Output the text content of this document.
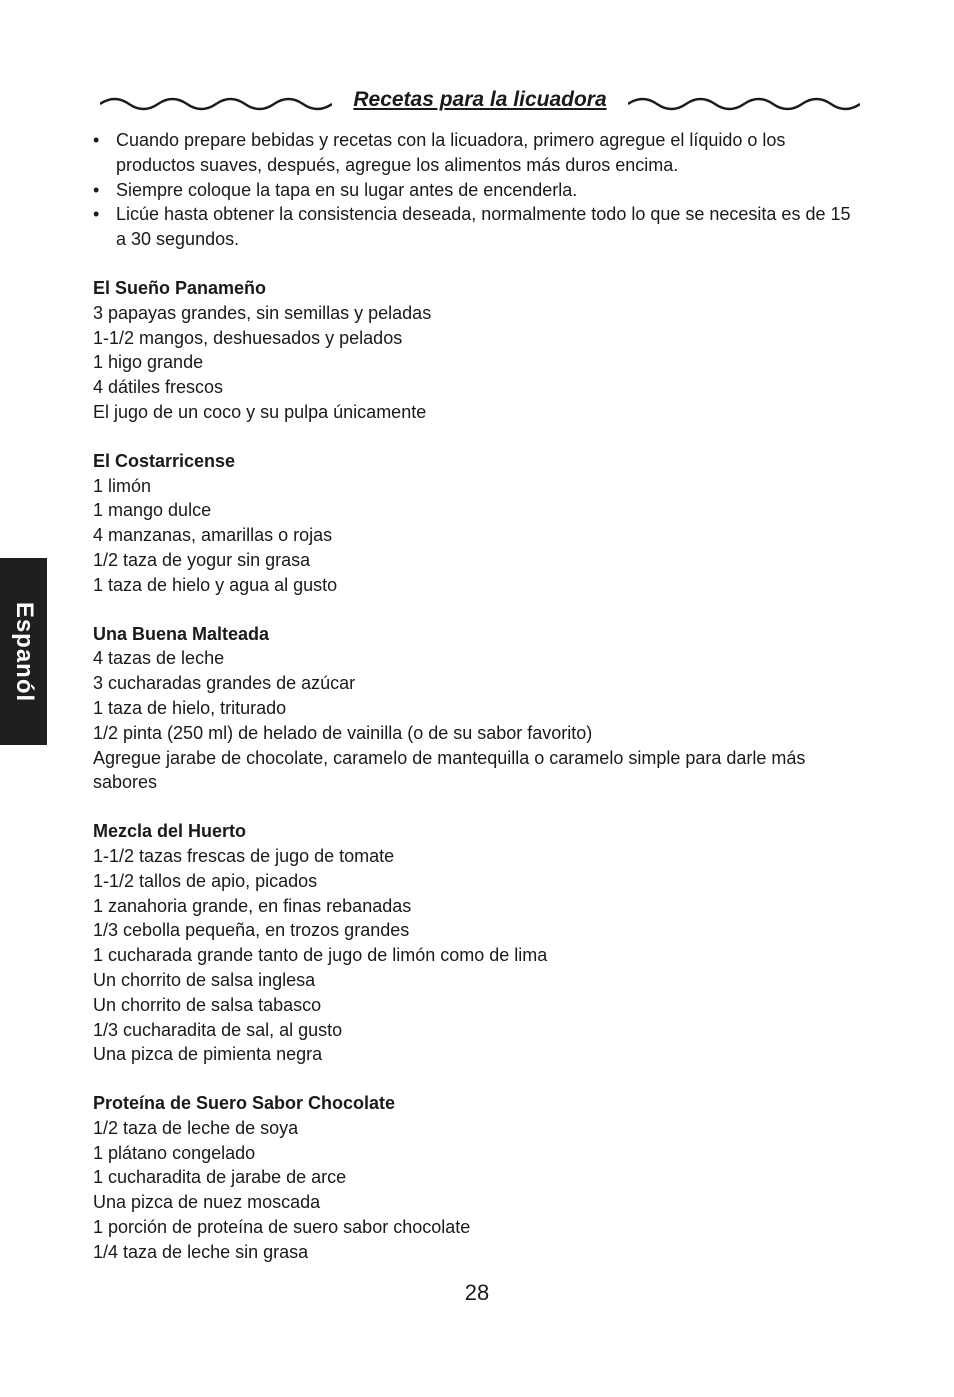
Recetas para la licuadora
• Cuando prepare bebidas y recetas con la licuadora, primero agregue el líquido o los productos suaves, después, agregue los alimentos más duros encima.
• Siempre coloque la tapa en su lugar antes de encenderla.
• Licúe hasta obtener la consistencia deseada, normalmente todo lo que se necesita es de 15 a 30 segundos.
El Sueño Panameño
3 papayas grandes, sin semillas y peladas
1-1/2 mangos, deshuesados y pelados
1 higo grande
4 dátiles frescos
El jugo de un coco y su pulpa únicamente
El Costarricense
1 limón
1 mango dulce
4 manzanas, amarillas o rojas
1/2 taza de yogur sin grasa
1 taza de hielo y agua al gusto
Una Buena Malteada
4 tazas de leche
3 cucharadas grandes de azúcar
1 taza de hielo, triturado
1/2 pinta (250 ml) de helado de vainilla (o de su sabor favorito)
Agregue jarabe de chocolate, caramelo de mantequilla o caramelo simple para darle más sabores
Mezcla del Huerto
1-1/2 tazas frescas de jugo de tomate
1-1/2 tallos de apio, picados
1 zanahoria grande, en finas rebanadas
1/3 cebolla pequeña, en trozos grandes
1 cucharada grande tanto de jugo de limón como de lima
Un chorrito de salsa inglesa
Un chorrito de salsa tabasco
1/3 cucharadita de sal, al gusto
Una pizca de pimienta negra
Proteína de Suero Sabor Chocolate
1/2 taza de leche de soya
1 plátano congelado
1 cucharadita de jarabe de arce
Una pizca de nuez moscada
1 porción de proteína de suero sabor chocolate
1/4 taza de leche sin grasa
Espanól
28
